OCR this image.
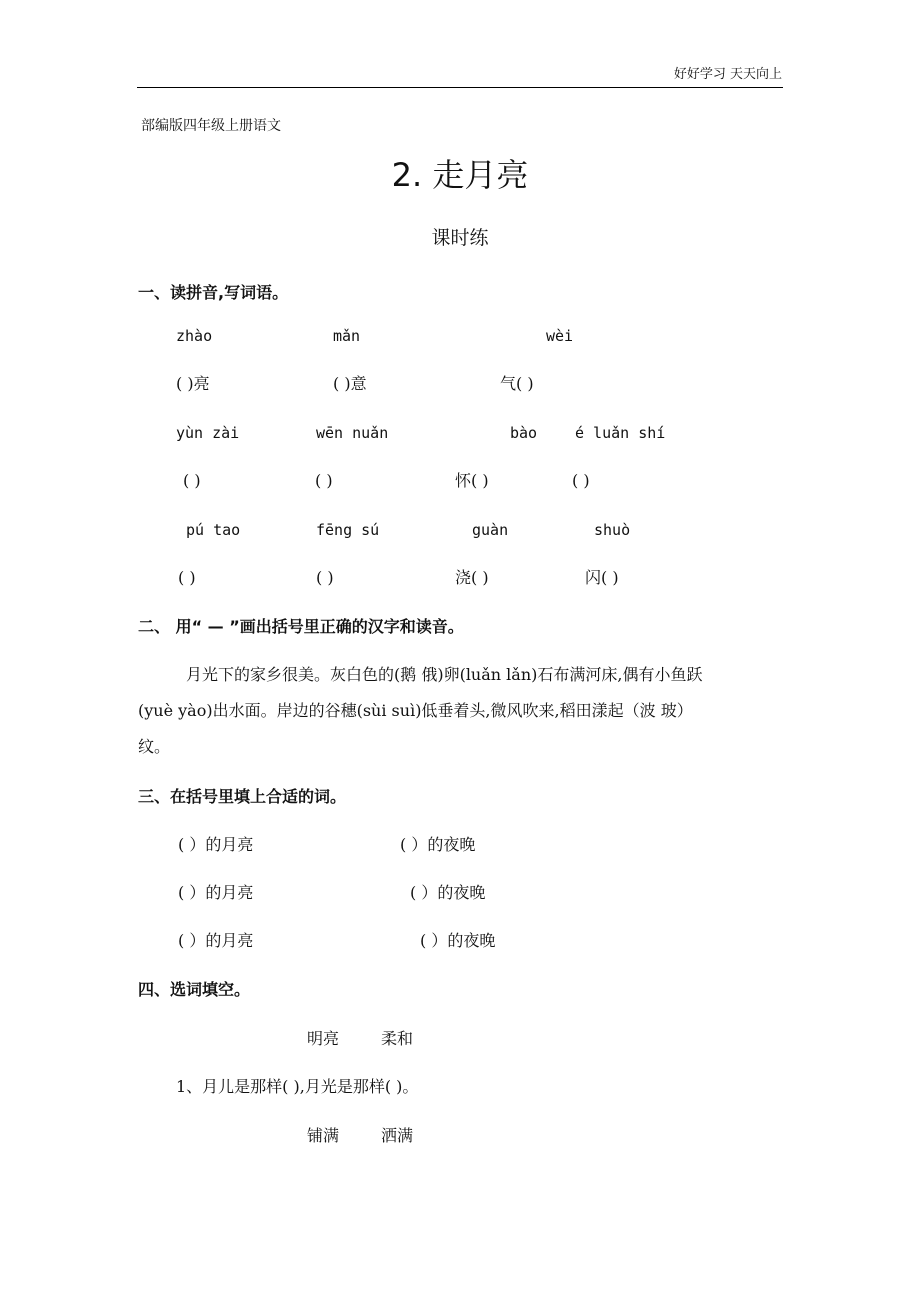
好好学习 天天向上
部编版四年级上册语文
2. 走月亮
课时练
一、读拼音,写词语。
zhào	mǎn	wèi
( )亮	( )意	气( )
yùn zài	wēn nuǎn	bào	é luǎn shí
( )	( )	怀( )	( )
pú tao	fēng sú	guàn	shuò
( )	( )	浇( )	闪( )
二、 用“ — ”画出括号里正确的汉字和读音。
月光下的家乡很美。灰白色的(鹅 俄)卵(luǎn lǎn)石布满河床,偶有小鱼跃
(yuè yào)出水面。岸边的谷穗(sùi suì)低垂着头,微风吹来,稻田漾起（波 玻）
纹。
三、在括号里填上合适的词。
( ）的月亮	( ）的夜晚
( ）的月亮	( ）的夜晚
( ）的月亮	( ）的夜晚
四、选词填空。
明亮	柔和
1、月儿是那样( ),月光是那样( )。
铺满	洒满
